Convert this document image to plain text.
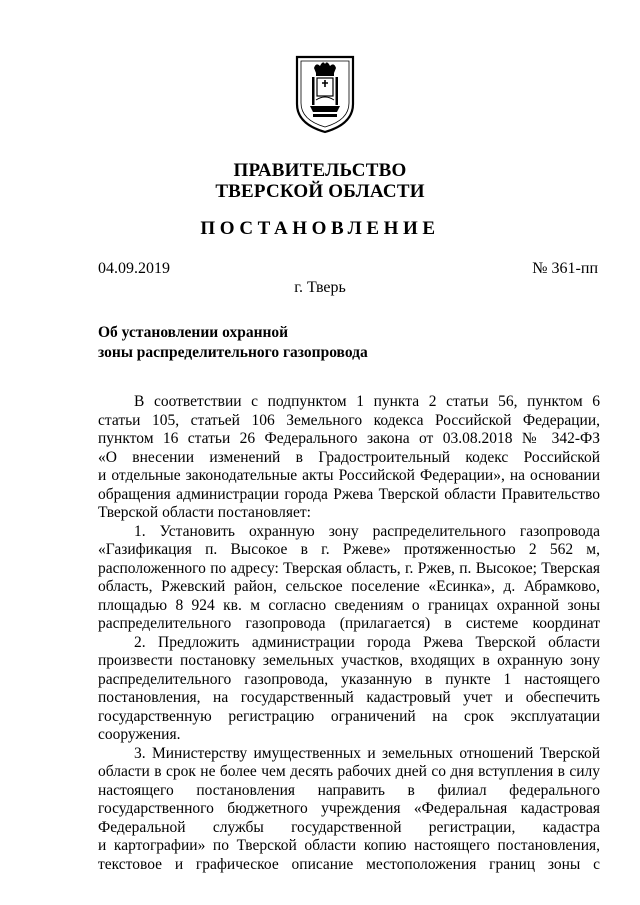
ПРАВИТЕЛЬСТВО
ТВЕРСКОЙ ОБЛАСТИ
ПОСТАНОВЛЕНИЕ
04.09.2019	№ 361-пп
г. Тверь
Об установлении охранной
зоны распределительного газопровода
В соответствии с подпунктом 1 пункта 2 статьи 56, пунктом 6
статьи 105, статьей 106 Земельного кодекса Российской Федерации,
пунктом 16 статьи 26 Федерального закона от 03.08.2018 № 342-ФЗ
«О внесении изменений в Градостроительный кодекс Российской
и отдельные законодательные акты Российской Федерации», на основании
обращения администрации города Ржева Тверской области Правительство
Тверской области постановляет:
1. Установить охранную зону распределительного газопровода
«Газификация п. Высокое в г. Ржеве» протяженностью 2 562 м,
расположенного по адресу: Тверская область, г. Ржев, п. Высокое; Тверская
область, Ржевский район, сельское поселение «Есинка», д. Абрамково,
площадью 8 924 кв. м согласно сведениям о границах охранной зоны
распределительного газопровода (прилагается) в системе координат
2. Предложить администрации города Ржева Тверской области
произвести постановку земельных участков, входящих в охранную зону
распределительного газопровода, указанную в пункте 1 настоящего
постановления, на государственный кадастровый учет и обеспечить
государственную регистрацию ограничений на срок эксплуатации
сооружения.
3. Министерству имущественных и земельных отношений Тверской
области в срок не более чем десять рабочих дней со дня вступления в силу
настоящего постановления направить в филиал федерального
государственного бюджетного учреждения «Федеральная кадастровая
Федеральной службы государственной регистрации, кадастра
и картографии» по Тверской области копию настоящего постановления,
текстовое и графическое описание местоположения границ зоны с
